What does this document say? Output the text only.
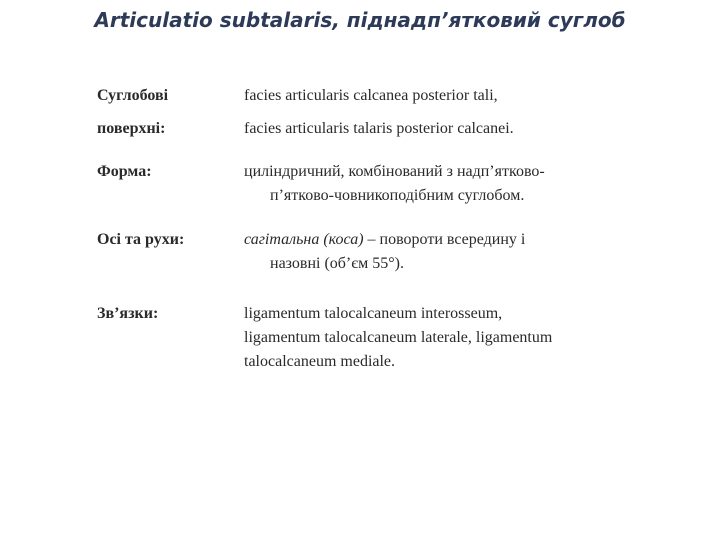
Articulatio subtalaris, піднадп’ятковий суглоб
Суглобові	facies articularis calcanea posterior tali,
поверхні:	facies articularis talaris posterior calcanei.
Форма:	циліндричний, комбінований з надп’ятково-
п’ятково-човникоподібним суглобом.
Осі та рухи:	сагітальна (коса) – повороти всередину і
назовні (об’єм 55°).
Зв’язки:	ligamentum talocalcaneum interosseum,
ligamentum talocalcaneum laterale, ligamentum
talocalcaneum mediale.
